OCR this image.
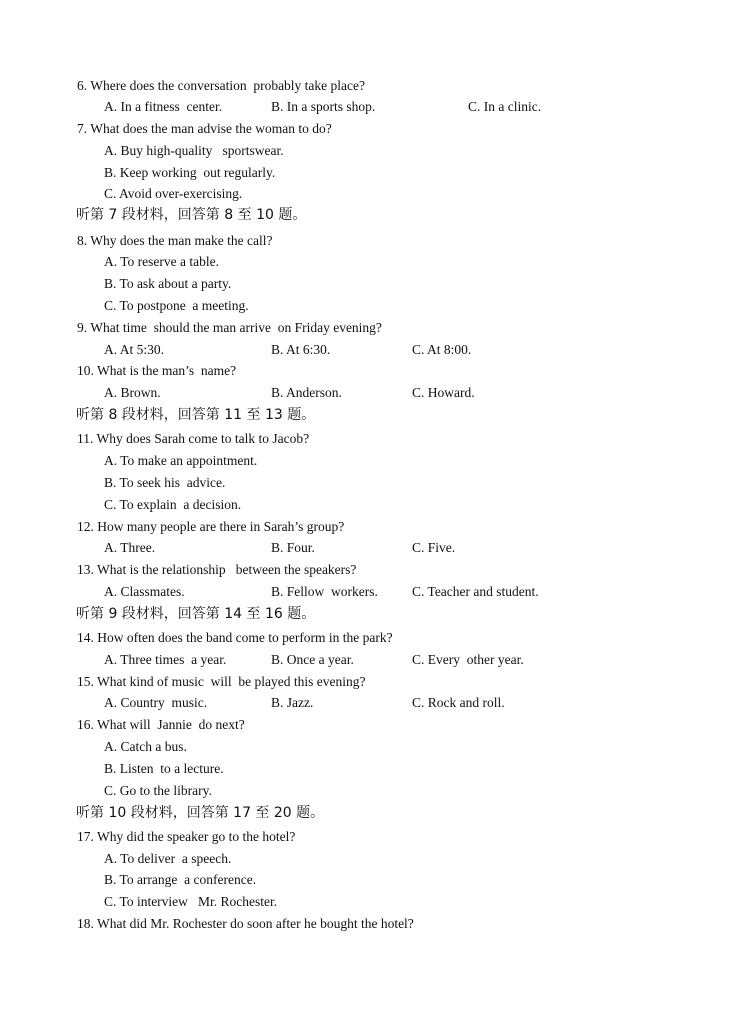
6. Where does the conversation  probably take place?
A. In a fitness  center.	B. In a sports shop.	C. In a clinic.
7. What does the man advise the woman to do?
A. Buy high-quality   sportswear.
B. Keep working  out regularly.
C. Avoid over-exercising.
听第 7 段材料，回答第 8 至 10 题。
8. Why does the man make the call?
A. To reserve a table.
B. To ask about a party.
C. To postpone  a meeting.
9. What time  should the man arrive  on Friday evening?
A. At 5:30.	B. At 6:30.	C. At 8:00.
10. What is the man’s  name?
A. Brown.	B. Anderson.	C. Howard.
听第 8 段材料，回答第 11 至 13 题。
11. Why does Sarah come to talk to Jacob?
A. To make an appointment.
B. To seek his  advice.
C. To explain  a decision.
12. How many people are there in Sarah’s group?
A. Three.	B. Four.	C. Five.
13. What is the relationship   between the speakers?
A. Classmates.	B. Fellow  workers.	C. Teacher and student.
听第 9 段材料，回答第 14 至 16 题。
14. How often does the band come to perform in the park?
A. Three times  a year.	B. Once a year.	C. Every  other year.
15. What kind of music  will  be played this evening?
A. Country  music.	B. Jazz.	C. Rock and roll.
16. What will  Jannie  do next?
A. Catch a bus.
B. Listen  to a lecture.
C. Go to the library.
听第 10 段材料，回答第 17 至 20 题。
17. Why did the speaker go to the hotel?
A. To deliver  a speech.
B. To arrange  a conference.
C. To interview   Mr. Rochester.
18. What did Mr. Rochester do soon after he bought the hotel?
